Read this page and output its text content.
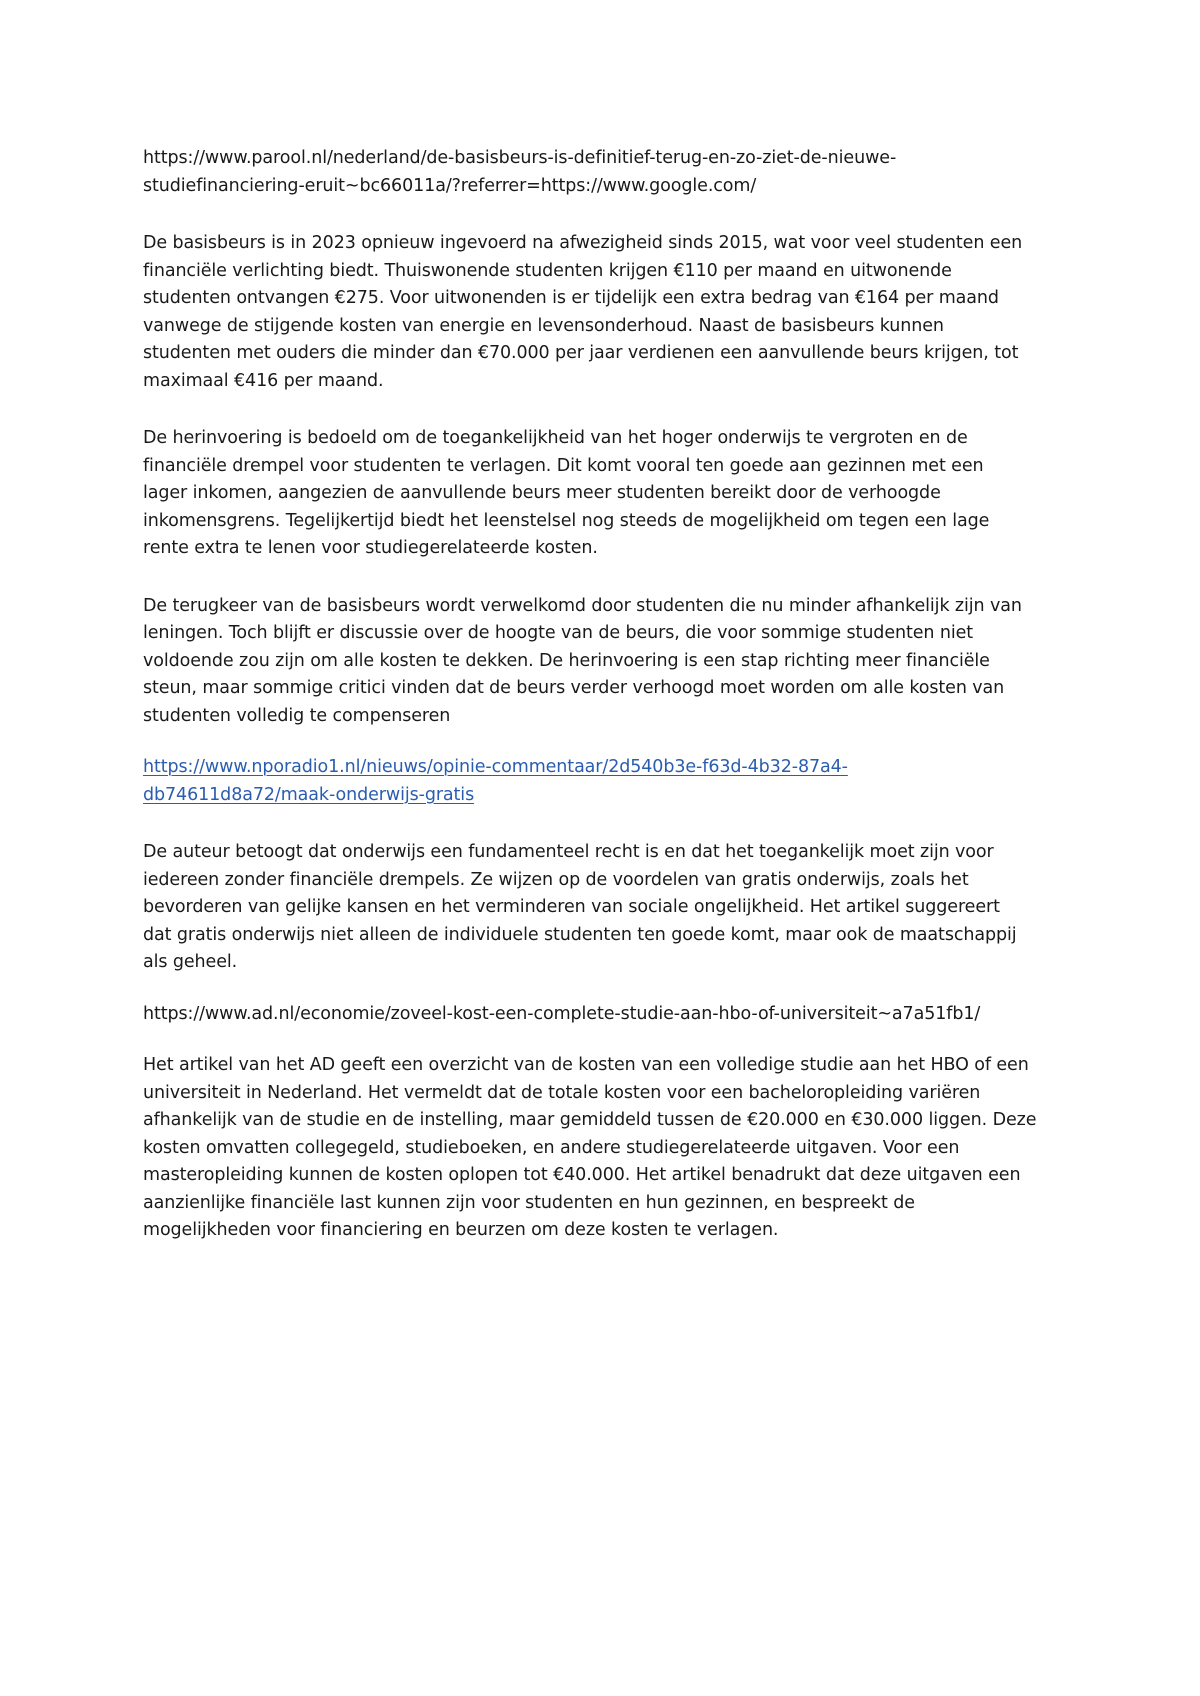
https://www.parool.nl/nederland/de-basisbeurs-is-definitief-terug-en-zo-ziet-de-nieuwe-
studiefinanciering-eruit~bc66011a/?referrer=https://www.google.com/
De basisbeurs is in 2023 opnieuw ingevoerd na afwezigheid sinds 2015, wat voor veel studenten een
financiële verlichting biedt. Thuiswonende studenten krijgen €110 per maand en uitwonende
studenten ontvangen €275. Voor uitwonenden is er tijdelijk een extra bedrag van €164 per maand
vanwege de stijgende kosten van energie en levensonderhoud. Naast de basisbeurs kunnen
studenten met ouders die minder dan €70.000 per jaar verdienen een aanvullende beurs krijgen, tot
maximaal €416 per maand.
De herinvoering is bedoeld om de toegankelijkheid van het hoger onderwijs te vergroten en de
financiële drempel voor studenten te verlagen. Dit komt vooral ten goede aan gezinnen met een
lager inkomen, aangezien de aanvullende beurs meer studenten bereikt door de verhoogde
inkomensgrens. Tegelijkertijd biedt het leenstelsel nog steeds de mogelijkheid om tegen een lage
rente extra te lenen voor studiegerelateerde kosten.
De terugkeer van de basisbeurs wordt verwelkomd door studenten die nu minder afhankelijk zijn van
leningen. Toch blijft er discussie over de hoogte van de beurs, die voor sommige studenten niet
voldoende zou zijn om alle kosten te dekken. De herinvoering is een stap richting meer financiële
steun, maar sommige critici vinden dat de beurs verder verhoogd moet worden om alle kosten van
studenten volledig te compenseren
https://www.nporadio1.nl/nieuws/opinie-commentaar/2d540b3e-f63d-4b32-87a4-
db74611d8a72/maak-onderwijs-gratis
De auteur betoogt dat onderwijs een fundamenteel recht is en dat het toegankelijk moet zijn voor
iedereen zonder financiële drempels. Ze wijzen op de voordelen van gratis onderwijs, zoals het
bevorderen van gelijke kansen en het verminderen van sociale ongelijkheid. Het artikel suggereert
dat gratis onderwijs niet alleen de individuele studenten ten goede komt, maar ook de maatschappij
als geheel.
https://www.ad.nl/economie/zoveel-kost-een-complete-studie-aan-hbo-of-universiteit~a7a51fb1/
Het artikel van het AD geeft een overzicht van de kosten van een volledige studie aan het HBO of een
universiteit in Nederland. Het vermeldt dat de totale kosten voor een bacheloropleiding variëren
afhankelijk van de studie en de instelling, maar gemiddeld tussen de €20.000 en €30.000 liggen. Deze
kosten omvatten collegegeld, studieboeken, en andere studiegerelateerde uitgaven. Voor een
masteropleiding kunnen de kosten oplopen tot €40.000. Het artikel benadrukt dat deze uitgaven een
aanzienlijke financiële last kunnen zijn voor studenten en hun gezinnen, en bespreekt de
mogelijkheden voor financiering en beurzen om deze kosten te verlagen.
